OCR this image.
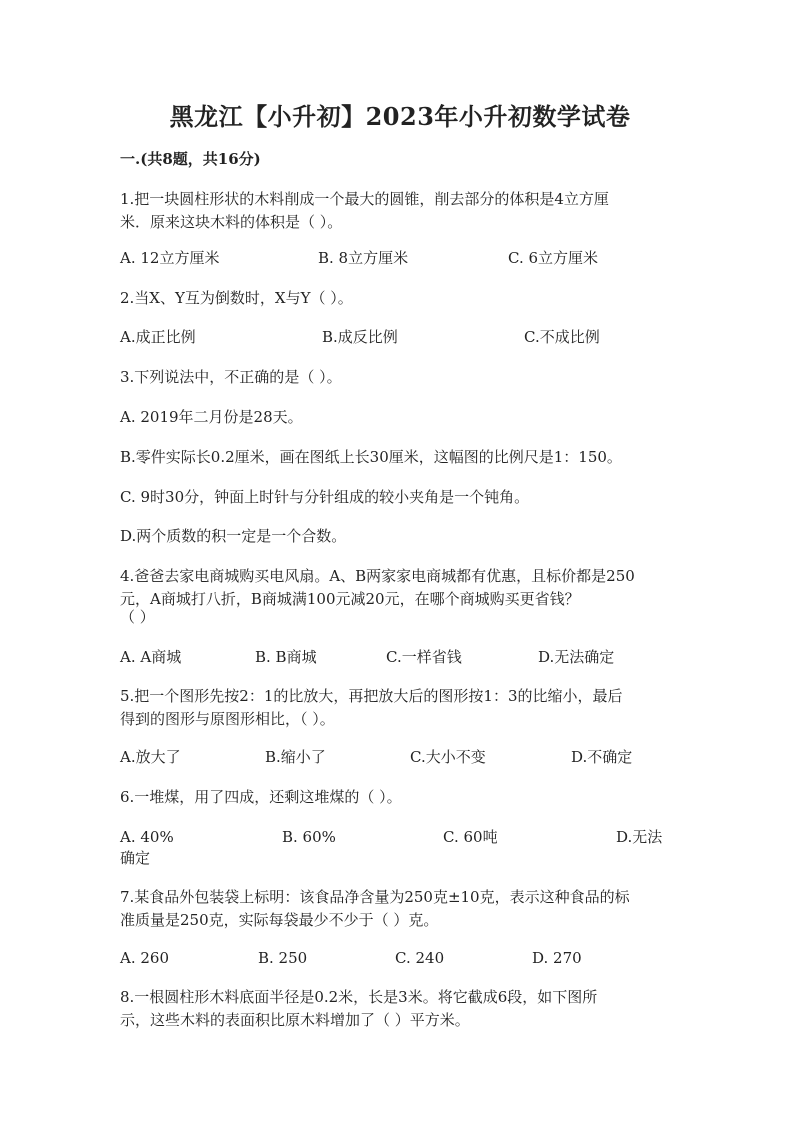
黑龙江【小升初】2023年小升初数学试卷
一.(共8题，共16分)
1.把一块圆柱形状的木料削成一个最大的圆锥，削去部分的体积是4立方厘
米．原来这块木料的体积是（ ）。
A. 12立方厘米	B. 8立方厘米	C. 6立方厘米
2.当X、Y互为倒数时，X与Y（ ）。
A.成正比例	B.成反比例	C.不成比例
3.下列说法中，不正确的是（ ）。
A. 2019年二月份是28天。
B.零件实际长0.2厘米，画在图纸上长30厘米，这幅图的比例尺是1：150。
C. 9时30分，钟面上时针与分针组成的较小夹角是一个钝角。
D.两个质数的积一定是一个合数。
4.爸爸去家电商城购买电风扇。A、B两家家电商城都有优惠，且标价都是250
元，A商城打八折，B商城满100元减20元，在哪个商城购买更省钱？
（ ）
A. A商城	B. B商城	C.一样省钱	D.无法确定
5.把一个图形先按2：1的比放大，再把放大后的图形按1：3的比缩小，最后
得到的图形与原图形相比，（ ）。
A.放大了	B.缩小了	C.大小不变	D.不确定
6.一堆煤，用了四成，还剩这堆煤的（ ）。
A. 40%	B. 60%	C. 60吨	D.无法
确定
7.某食品外包装袋上标明：该食品净含量为250克±10克，表示这种食品的标
准质量是250克，实际每袋最少不少于（ ）克。
A. 260	B. 250	C. 240	D. 270
8.一根圆柱形木料底面半径是0.2米，长是3米。将它截成6段，如下图所
示，这些木料的表面积比原木料增加了（ ）平方米。
